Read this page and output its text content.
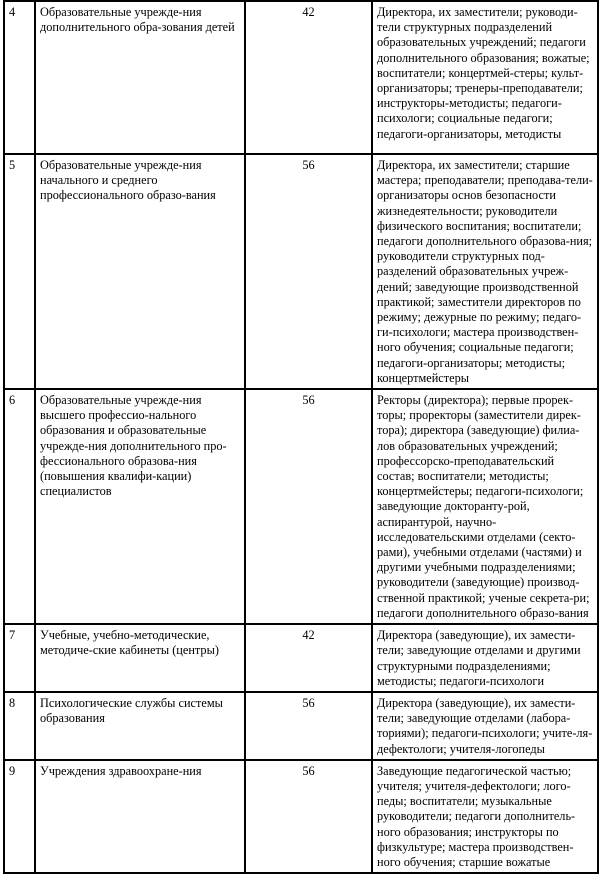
4	Образовательные учрежде-ния дополнительного обра-зования детей	42	Директора, их заместители; руководи-тели структурных подразделений образовательных учреждений; педагоги дополнительного образования; вожатые; воспитатели; концертмей-стеры; культ-организаторы; тренеры-преподаватели; инструкторы-методисты; педагоги-психологи; социальные педагоги; педагоги-организаторы, методисты
5	Образовательные учрежде-ния начального и среднего профессионального образо-вания	56	Директора, их заместители; старшие мастера; преподаватели; преподава-тели-организаторы основ безопасности жизнедеятельности; руководители физического воспитания; воспитатели; педагоги дополнительного образова-ния; руководители структурных под-разделений образовательных учреж-дений; заведующие производственной практикой; заместители директоров по режиму; дежурные по режиму; педаго-ги-психологи; мастера производствен-ного обучения; социальные педагоги; педагоги-организаторы; методисты; концертмейстеры
6	Образовательные учрежде-ния высшего профессио-нального образования и образовательные учрежде-ния дополнительного про-фессионального образова-ния (повышения квалифи-кации) специалистов	56	Ректоры (директора); первые прорек-торы; проректоры (заместители дирек-тора); директора (заведующие) филиа-лов образовательных учреждений; профессорско-преподавательский состав; воспитатели; методисты; концертмейстеры; педагоги-психологи; заведующие докторанту-рой, аспирантурой, научно-исследовательскими отделами (секто-рами), учебными отделами (частями) и другими учебными подразделениями; руководители (заведующие) производ-ственной практикой; ученые секрета-ри; педагоги дополнительного образо-вания
7	Учебные, учебно-методические, методиче-ские кабинеты (центры)	42	Директора (заведующие), их замести-тели; заведующие отделами и другими структурными подразделениями; методисты; педагоги-психологи
8	Психологические службы системы образования	56	Директора (заведующие), их замести-тели; заведующие отделами (лабора-ториями); педагоги-психологи; учите-ля-дефектологи; учителя-логопеды
9	Учреждения здравоохране-ния	56	Заведующие педагогической частью; учителя; учителя-дефектологи; лого-педы; воспитатели; музыкальные руководители; педагоги дополнитель-ного образования; инструкторы по физкультуре; мастера производствен-ного обучения; старшие вожатые
